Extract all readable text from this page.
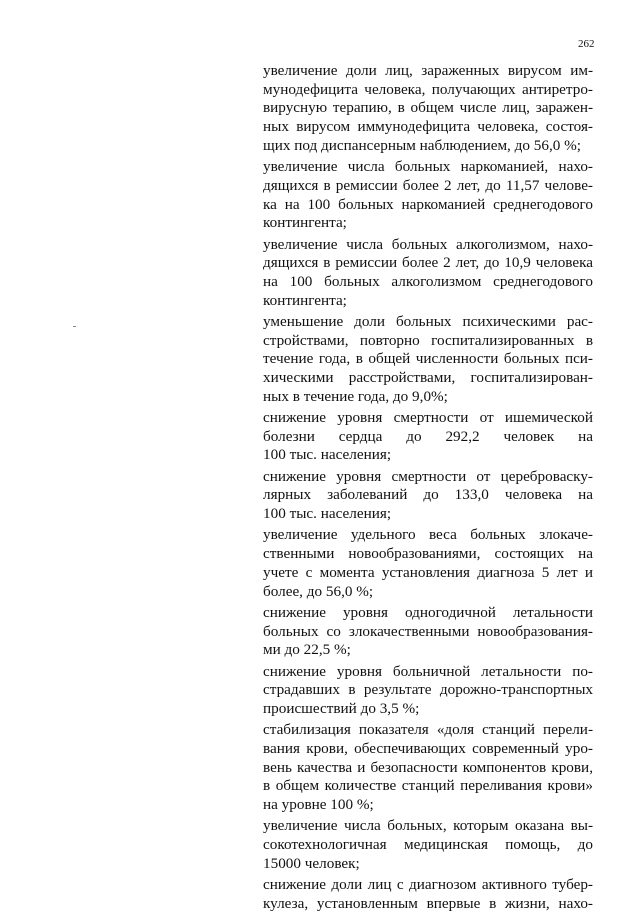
262
увеличение доли лиц, зараженных вирусом им-
мунодефицита человека, получающих антиретро-
вирусную терапию, в общем числе лиц, заражен-
ных вирусом иммунодефицита человека, состоя-
щих под диспансерным наблюдением, до 56,0 %;
увеличение числа больных наркоманией, нахо-
дящихся в ремиссии более 2 лет, до 11,57 челове-
ка на 100 больных наркоманией среднегодового
контингента;
увеличение числа больных алкоголизмом, нахо-
дящихся в ремиссии более 2 лет, до 10,9 человека
на 100 больных алкоголизмом среднегодового
контингента;
уменьшение доли больных психическими рас-
стройствами, повторно госпитализированных в
течение года, в общей численности больных пси-
хическими расстройствами, госпитализирован-
ных в течение года, до 9,0%;
снижение уровня смертности от ишемической
болезни сердца до 292,2 человек на
100 тыс. населения;
снижение уровня смертности от цереброваску-
лярных заболеваний до 133,0 человека на
100 тыс. населения;
увеличение удельного веса больных злокаче-
ственными новообразованиями, состоящих на
учете с момента установления диагноза 5 лет и
более, до 56,0 %;
снижение уровня одногодичной летальности
больных со злокачественными новообразования-
ми до 22,5 %;
снижение уровня больничной летальности по-
страдавших в результате дорожно-транспортных
происшествий до 3,5 %;
стабилизация показателя «доля станций перели-
вания крови, обеспечивающих современный уро-
вень качества и безопасности компонентов крови,
в общем количестве станций переливания крови»
на уровне 100 %;
увеличение числа больных, которым оказана вы-
сокотехнологичная медицинская помощь, до
15000 человек;
снижение доли лиц с диагнозом активного тубер-
кулеза, установленным впервые в жизни, нахо-
